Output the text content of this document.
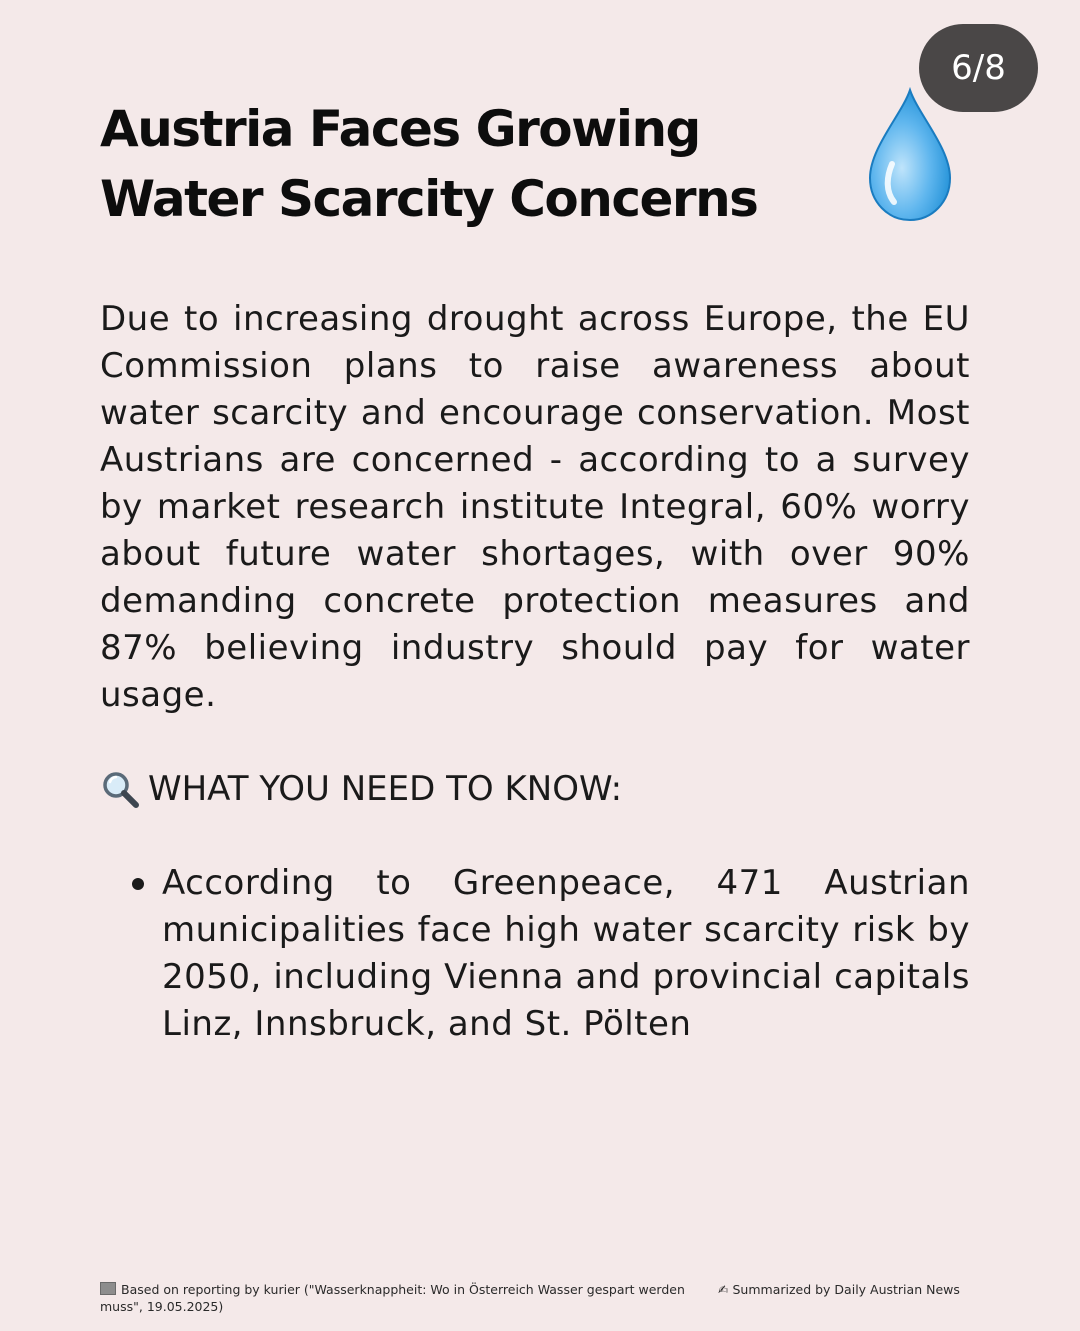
6/8
Austria Faces Growing Water Scarcity Concerns

Due to increasing drought across Europe, the EU Commission plans to raise awareness about water scarcity and encourage conservation. Most Austrians are concerned - according to a survey by market research institute Integral, 60% worry about future water shortages, with over 90% demanding concrete protection measures and 87% believing industry should pay for water usage.

WHAT YOU NEED TO KNOW:
According to Greenpeace, 471 Austrian municipalities face high water scarcity risk by 2050, including Vienna and provincial capitals Linz, Innsbruck, and St. Pölten

Based on reporting by kurier ("Wasserknappheit: Wo in Österreich Wasser gespart werden muss", 19.05.2025)

✍ Summarized by Daily Austrian News
